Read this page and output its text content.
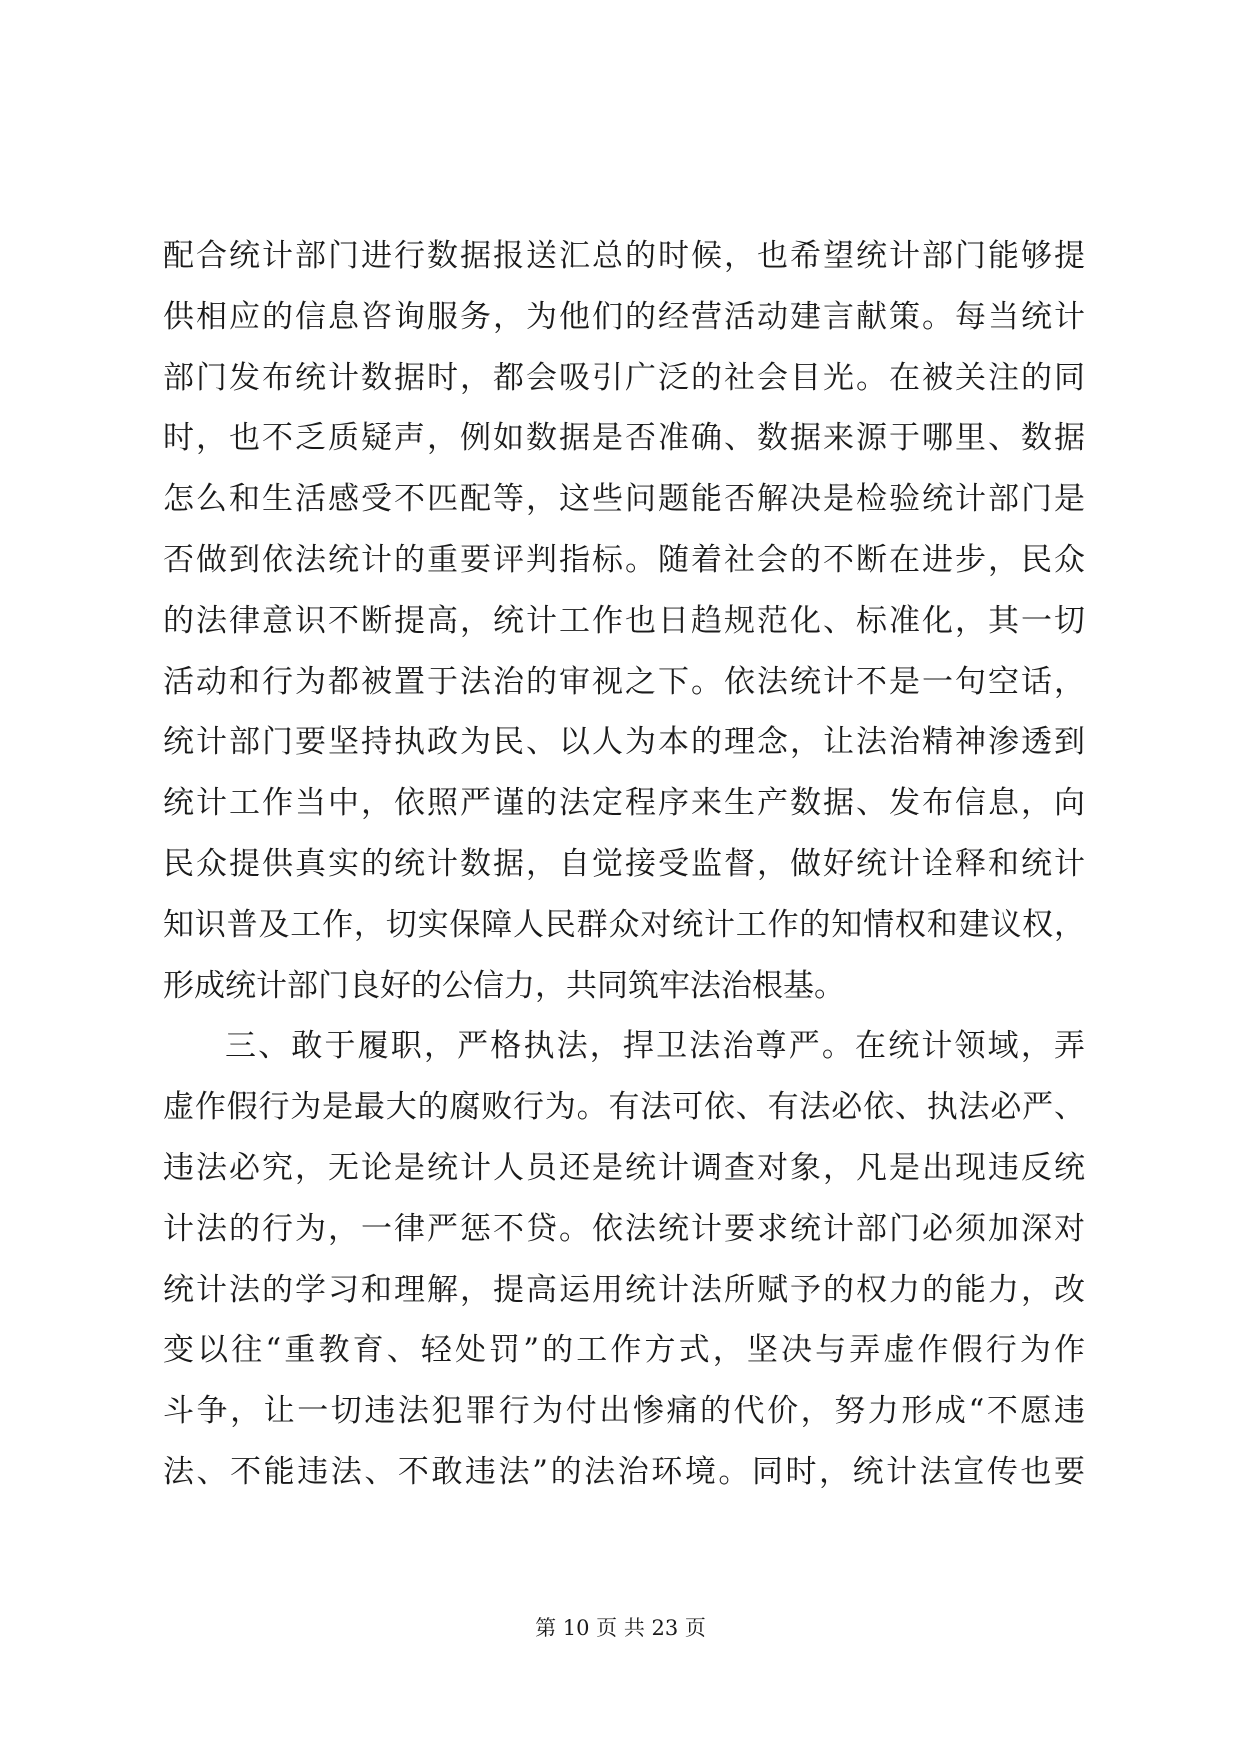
配合统计部门进行数据报送汇总的时候，也希望统计部门能够提
供相应的信息咨询服务，为他们的经营活动建言献策。每当统计
部门发布统计数据时，都会吸引广泛的社会目光。在被关注的同
时，也不乏质疑声，例如数据是否准确、数据来源于哪里、数据
怎么和生活感受不匹配等，这些问题能否解决是检验统计部门是
否做到依法统计的重要评判指标。随着社会的不断在进步，民众
的法律意识不断提高，统计工作也日趋规范化、标准化，其一切
活动和行为都被置于法治的审视之下。依法统计不是一句空话，
统计部门要坚持执政为民、以人为本的理念，让法治精神渗透到
统计工作当中，依照严谨的法定程序来生产数据、发布信息，向
民众提供真实的统计数据，自觉接受监督，做好统计诠释和统计
知识普及工作，切实保障人民群众对统计工作的知情权和建议权，
形成统计部门良好的公信力，共同筑牢法治根基。
三、敢于履职，严格执法，捍卫法治尊严。在统计领域，弄
虚作假行为是最大的腐败行为。有法可依、有法必依、执法必严、
违法必究，无论是统计人员还是统计调查对象，凡是出现违反统
计法的行为，一律严惩不贷。依法统计要求统计部门必须加深对
统计法的学习和理解，提高运用统计法所赋予的权力的能力，改
变以往“重教育、轻处罚”的工作方式，坚决与弄虚作假行为作
斗争，让一切违法犯罪行为付出惨痛的代价，努力形成“不愿违
法、不能违法、不敢违法”的法治环境。同时，统计法宣传也要
第 10 页 共 23 页
